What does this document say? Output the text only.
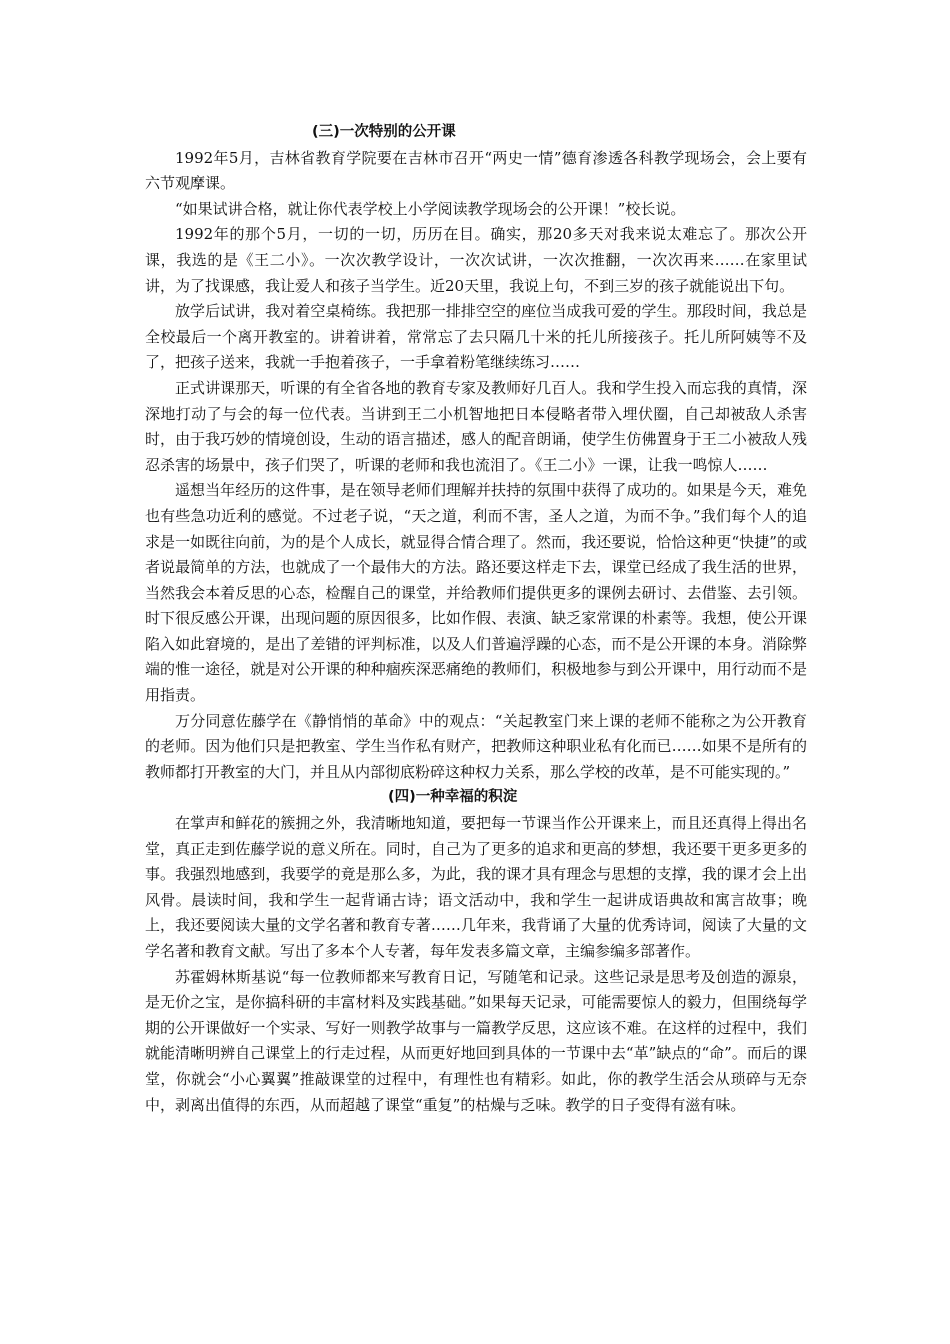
(三)一次特别的公开课

1992年5月，吉林省教育学院要在吉林市召开“两史一情”德育渗透各科教学现场会，会上要有六节观摩课。

“如果试讲合格，就让你代表学校上小学阅读教学现场会的公开课！”校长说。

1992年的那个5月，一切的一切，历历在目。确实，那20多天对我来说太难忘了。那次公开课，我选的是《王二小》。一次次教学设计，一次次试讲，一次次推翻，一次次再来……在家里试讲，为了找课感，我让爱人和孩子当学生。近20天里，我说上句，不到三岁的孩子就能说出下句。

放学后试讲，我对着空桌椅练。我把那一排排空空的座位当成我可爱的学生。那段时间，我总是全校最后一个离开教室的。讲着讲着，常常忘了去只隔几十米的托儿所接孩子。托儿所阿姨等不及了，把孩子送来，我就一手抱着孩子，一手拿着粉笔继续练习……

正式讲课那天，听课的有全省各地的教育专家及教师好几百人。我和学生投入而忘我的真情，深深地打动了与会的每一位代表。当讲到王二小机智地把日本侵略者带入埋伏圈，自己却被敌人杀害时，由于我巧妙的情境创设，生动的语言描述，感人的配音朗诵，使学生仿佛置身于王二小被敌人残忍杀害的场景中，孩子们哭了，听课的老师和我也流泪了。《王二小》一课，让我一鸣惊人……

遥想当年经历的这件事，是在领导老师们理解并扶持的氛围中获得了成功的。如果是今天，难免也有些急功近利的感觉。不过老子说，“天之道，利而不害，圣人之道，为而不争。”我们每个人的追求是一如既往向前，为的是个人成长，就显得合情合理了。然而，我还要说，恰恰这种更“快捷”的或者说最简单的方法，也就成了一个最伟大的方法。路还要这样走下去，课堂已经成了我生活的世界，当然我会本着反思的心态，检醒自己的课堂，并给教师们提供更多的课例去研讨、去借鉴、去引领。时下很反感公开课，出现问题的原因很多，比如作假、表演、缺乏家常课的朴素等。我想，使公开课陷入如此窘境的，是出了差错的评判标准，以及人们普遍浮躁的心态，而不是公开课的本身。消除弊端的惟一途径，就是对公开课的种种痼疾深恶痛绝的教师们，积极地参与到公开课中，用行动而不是用指责。

万分同意佐藤学在《静悄悄的革命》中的观点：“关起教室门来上课的老师不能称之为公开教育的老师。因为他们只是把教室、学生当作私有财产，把教师这种职业私有化而已……如果不是所有的教师都打开教室的大门，并且从内部彻底粉碎这种权力关系，那么学校的改革，是不可能实现的。”

(四)一种幸福的积淀

在掌声和鲜花的簇拥之外，我清晰地知道，要把每一节课当作公开课来上，而且还真得上得出名堂，真正走到佐藤学说的意义所在。同时，自己为了更多的追求和更高的梦想，我还要干更多更多的事。我强烈地感到，我要学的竟是那么多，为此，我的课才具有理念与思想的支撑，我的课才会上出风骨。晨读时间，我和学生一起背诵古诗；语文活动中，我和学生一起讲成语典故和寓言故事；晚上，我还要阅读大量的文学名著和教育专著……几年来，我背诵了大量的优秀诗词，阅读了大量的文学名著和教育文献。写出了多本个人专著，每年发表多篇文章，主编参编多部著作。

苏霍姆林斯基说“每一位教师都来写教育日记，写随笔和记录。这些记录是思考及创造的源泉，是无价之宝，是你搞科研的丰富材料及实践基础。”如果每天记录，可能需要惊人的毅力，但围绕每学期的公开课做好一个实录、写好一则教学故事与一篇教学反思，这应该不难。在这样的过程中，我们就能清晰明辨自己课堂上的行走过程，从而更好地回到具体的一节课中去“革”缺点的“命”。而后的课堂，你就会“小心翼翼”推敲课堂的过程中，有理性也有精彩。如此，你的教学生活会从琐碎与无奈中，剥离出值得的东西，从而超越了课堂“重复”的枯燥与乏味。教学的日子变得有滋有味。
